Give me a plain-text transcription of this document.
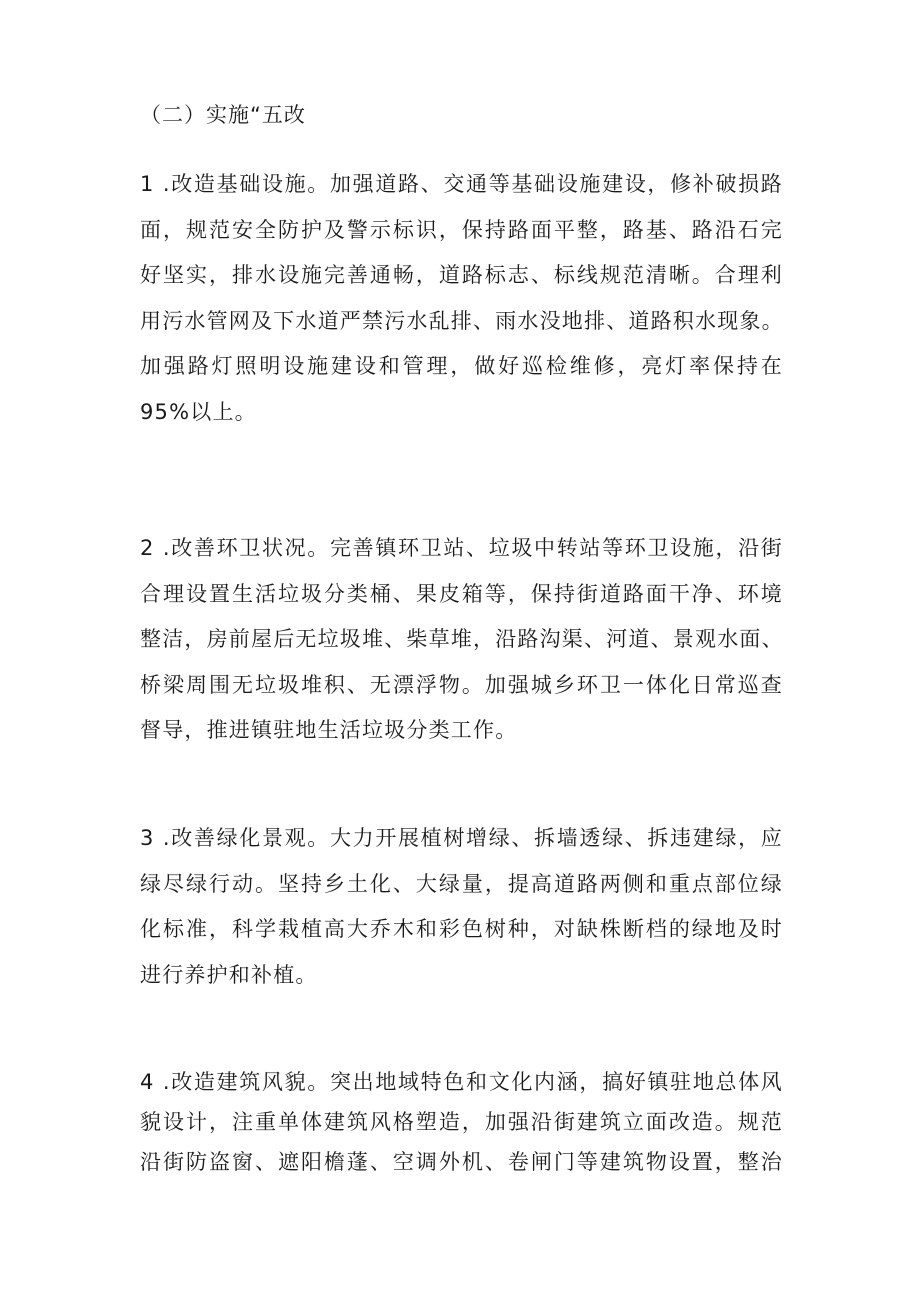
（二）实施“五改
1 .改造基础设施。加强道路、交通等基础设施建设，修补破损路
面，规范安全防护及警示标识，保持路面平整，路基、路沿石完
好坚实，排水设施完善通畅，道路标志、标线规范清晰。合理利
用污水管网及下水道严禁污水乱排、雨水没地排、道路积水现象。
加强路灯照明设施建设和管理，做好巡检维修，亮灯率保持在
95%以上。
2 .改善环卫状况。完善镇环卫站、垃圾中转站等环卫设施，沿街
合理设置生活垃圾分类桶、果皮箱等，保持街道路面干净、环境
整洁，房前屋后无垃圾堆、柴草堆，沿路沟渠、河道、景观水面、
桥梁周围无垃圾堆积、无漂浮物。加强城乡环卫一体化日常巡查
督导，推进镇驻地生活垃圾分类工作。
3 .改善绿化景观。大力开展植树增绿、拆墙透绿、拆违建绿，应
绿尽绿行动。坚持乡土化、大绿量，提高道路两侧和重点部位绿
化标准，科学栽植高大乔木和彩色树种，对缺株断档的绿地及时
进行养护和补植。
4 .改造建筑风貌。突出地域特色和文化内涵，搞好镇驻地总体风
貌设计，注重单体建筑风格塑造，加强沿街建筑立面改造。规范
沿街防盗窗、遮阳檐蓬、空调外机、卷闸门等建筑物设置，整治
